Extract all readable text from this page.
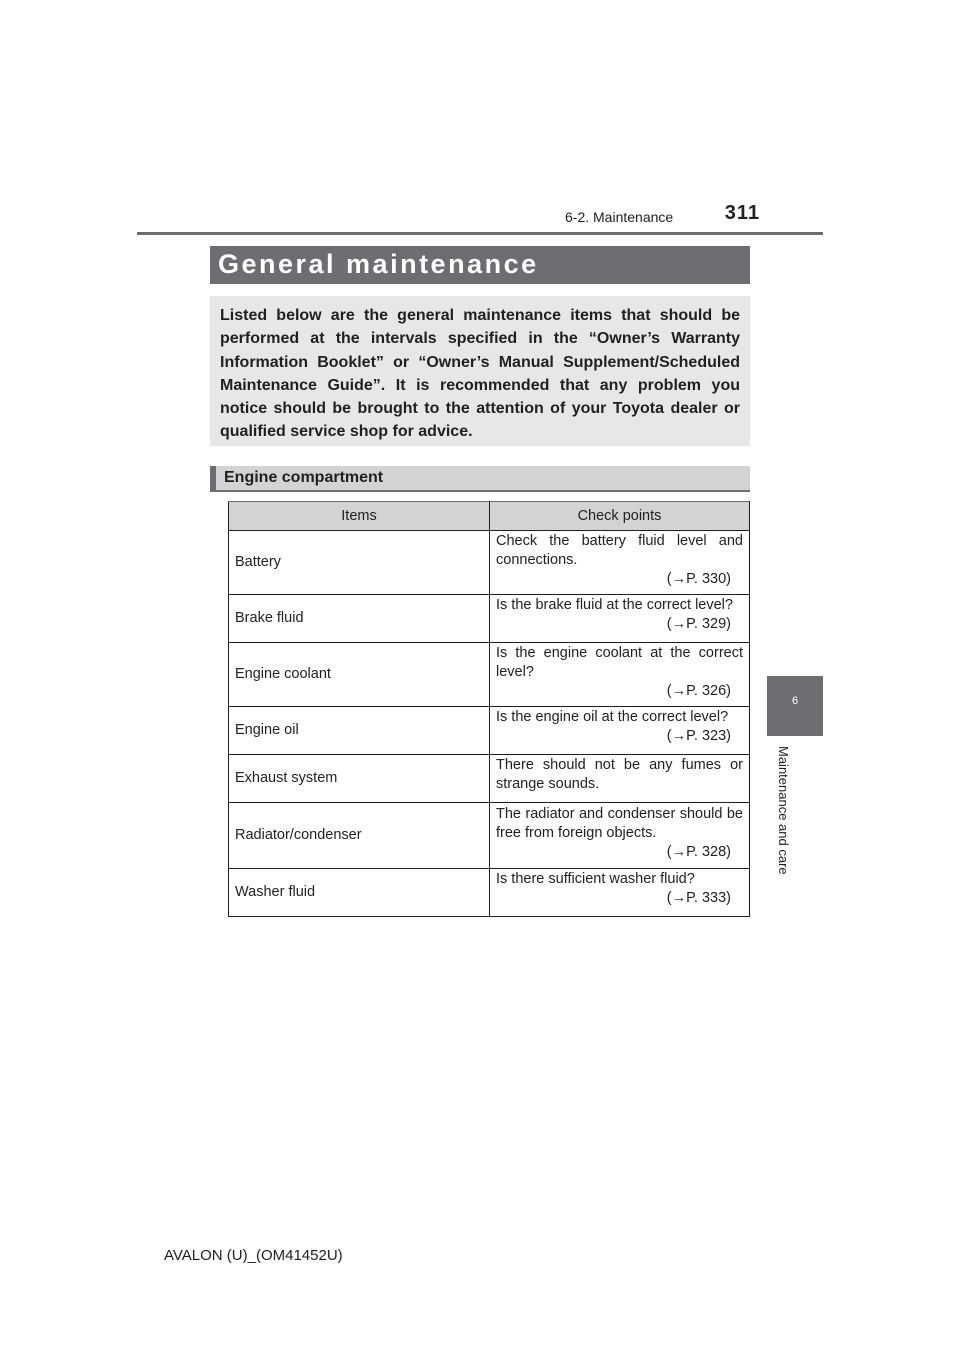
6-2. Maintenance	311
6
Maintenance and care
General maintenance
Listed below are the general maintenance items that should be performed at the intervals specified in the “Owner’s Warranty Information Booklet” or “Owner’s Manual Supplement/Scheduled Maintenance Guide”. It is recommended that any problem you notice should be brought to the attention of your Toyota dealer or qualified service shop for advice.
Engine compartment
Items	Check points
Battery	Check the battery fluid level and connections.
(→P. 330)

Brake fluid	Is the brake fluid at the correct level?
(→P. 329)

Engine coolant	Is the engine coolant at the correct level?
(→P. 326)

Engine oil	Is the engine oil at the correct level?
(→P. 323)

Exhaust system	There should not be any fumes or strange sounds.
Radiator/condenser	The radiator and condenser should be free from foreign objects.
(→P. 328)

Washer fluid	Is there sufficient washer fluid?
(→P. 333)
AVALON (U)_(OM41452U)
